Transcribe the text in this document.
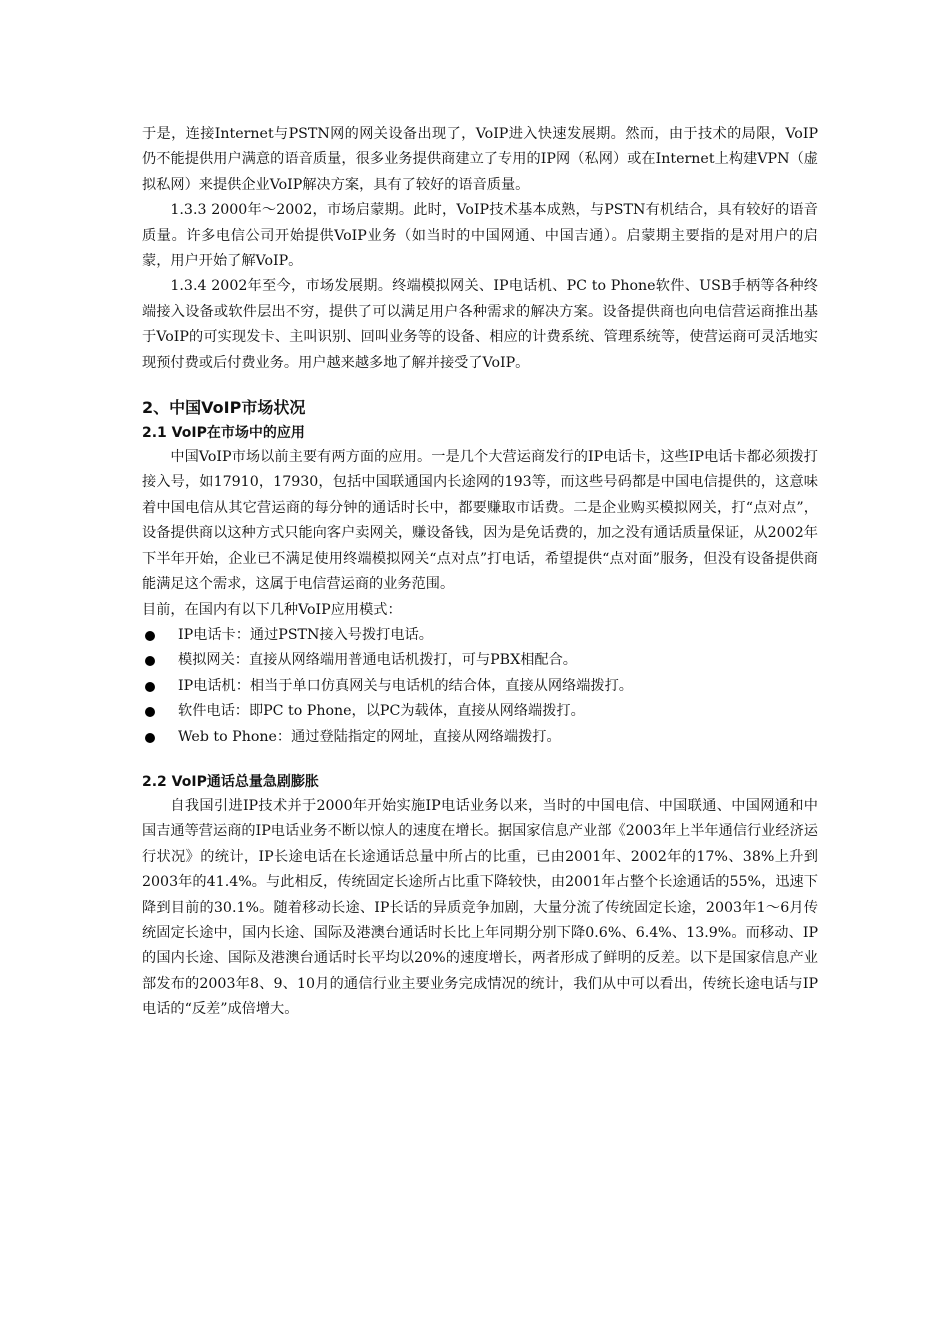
于是，连接Internet与PSTN网的网关设备出现了，VoIP进入快速发展期。然而，由于技术的局限，VoIP仍不能提供用户满意的语音质量，很多业务提供商建立了专用的IP网（私网）或在Internet上构建VPN（虚拟私网）来提供企业VoIP解决方案，具有了较好的语音质量。

1.3.3 2000年～2002，市场启蒙期。此时，VoIP技术基本成熟，与PSTN有机结合，具有较好的语音质量。许多电信公司开始提供VoIP业务（如当时的中国网通、中国吉通）。启蒙期主要指的是对用户的启蒙，用户开始了解VoIP。

1.3.4 2002年至今，市场发展期。终端模拟网关、IP电话机、PC to Phone软件、USB手柄等各种终端接入设备或软件层出不穷，提供了可以满足用户各种需求的解决方案。设备提供商也向电信营运商推出基于VoIP的可实现发卡、主叫识别、回叫业务等的设备、相应的计费系统、管理系统等，使营运商可灵活地实现预付费或后付费业务。用户越来越多地了解并接受了VoIP。

2、中国VoIP市场状况
2.1 VoIP在市场中的应用

中国VoIP市场以前主要有两方面的应用。一是几个大营运商发行的IP电话卡，这些IP电话卡都必须拨打接入号，如17910，17930，包括中国联通国内长途网的193等，而这些号码都是中国电信提供的，这意味着中国电信从其它营运商的每分钟的通话时长中，都要赚取市话费。二是企业购买模拟网关，打“点对点”，设备提供商以这种方式只能向客户卖网关，赚设备钱，因为是免话费的，加之没有通话质量保证，从2002年下半年开始，企业已不满足使用终端模拟网关“点对点”打电话，希望提供“点对面”服务，但没有设备提供商能满足这个需求，这属于电信营运商的业务范围。

目前，在国内有以下几种VoIP应用模式：

IP电话卡：通过PSTN接入号拨打电话。
模拟网关：直接从网络端用普通电话机拨打，可与PBX相配合。
IP电话机：相当于单口仿真网关与电话机的结合体，直接从网络端拨打。
软件电话：即PC to Phone，以PC为载体，直接从网络端拨打。
Web to Phone：通过登陆指定的网址，直接从网络端拨打。
2.2 VoIP通话总量急剧膨胀

自我国引进IP技术并于2000年开始实施IP电话业务以来，当时的中国电信、中国联通、中国网通和中国吉通等营运商的IP电话业务不断以惊人的速度在增长。据国家信息产业部《2003年上半年通信行业经济运行状况》的统计，IP长途电话在长途通话总量中所占的比重，已由2001年、2002年的17%、38%上升到2003年的41.4%。与此相反，传统固定长途所占比重下降较快，由2001年占整个长途通话的55%，迅速下降到目前的30.1%。随着移动长途、IP长话的异质竞争加剧，大量分流了传统固定长途，2003年1～6月传统固定长途中，国内长途、国际及港澳台通话时长比上年同期分别下降0.6%、6.4%、13.9%。而移动、IP的国内长途、国际及港澳台通话时长平均以20%的速度增长，两者形成了鲜明的反差。以下是国家信息产业部发布的2003年8、9、10月的通信行业主要业务完成情况的统计，我们从中可以看出，传统长途电话与IP电话的“反差”成倍增大。
